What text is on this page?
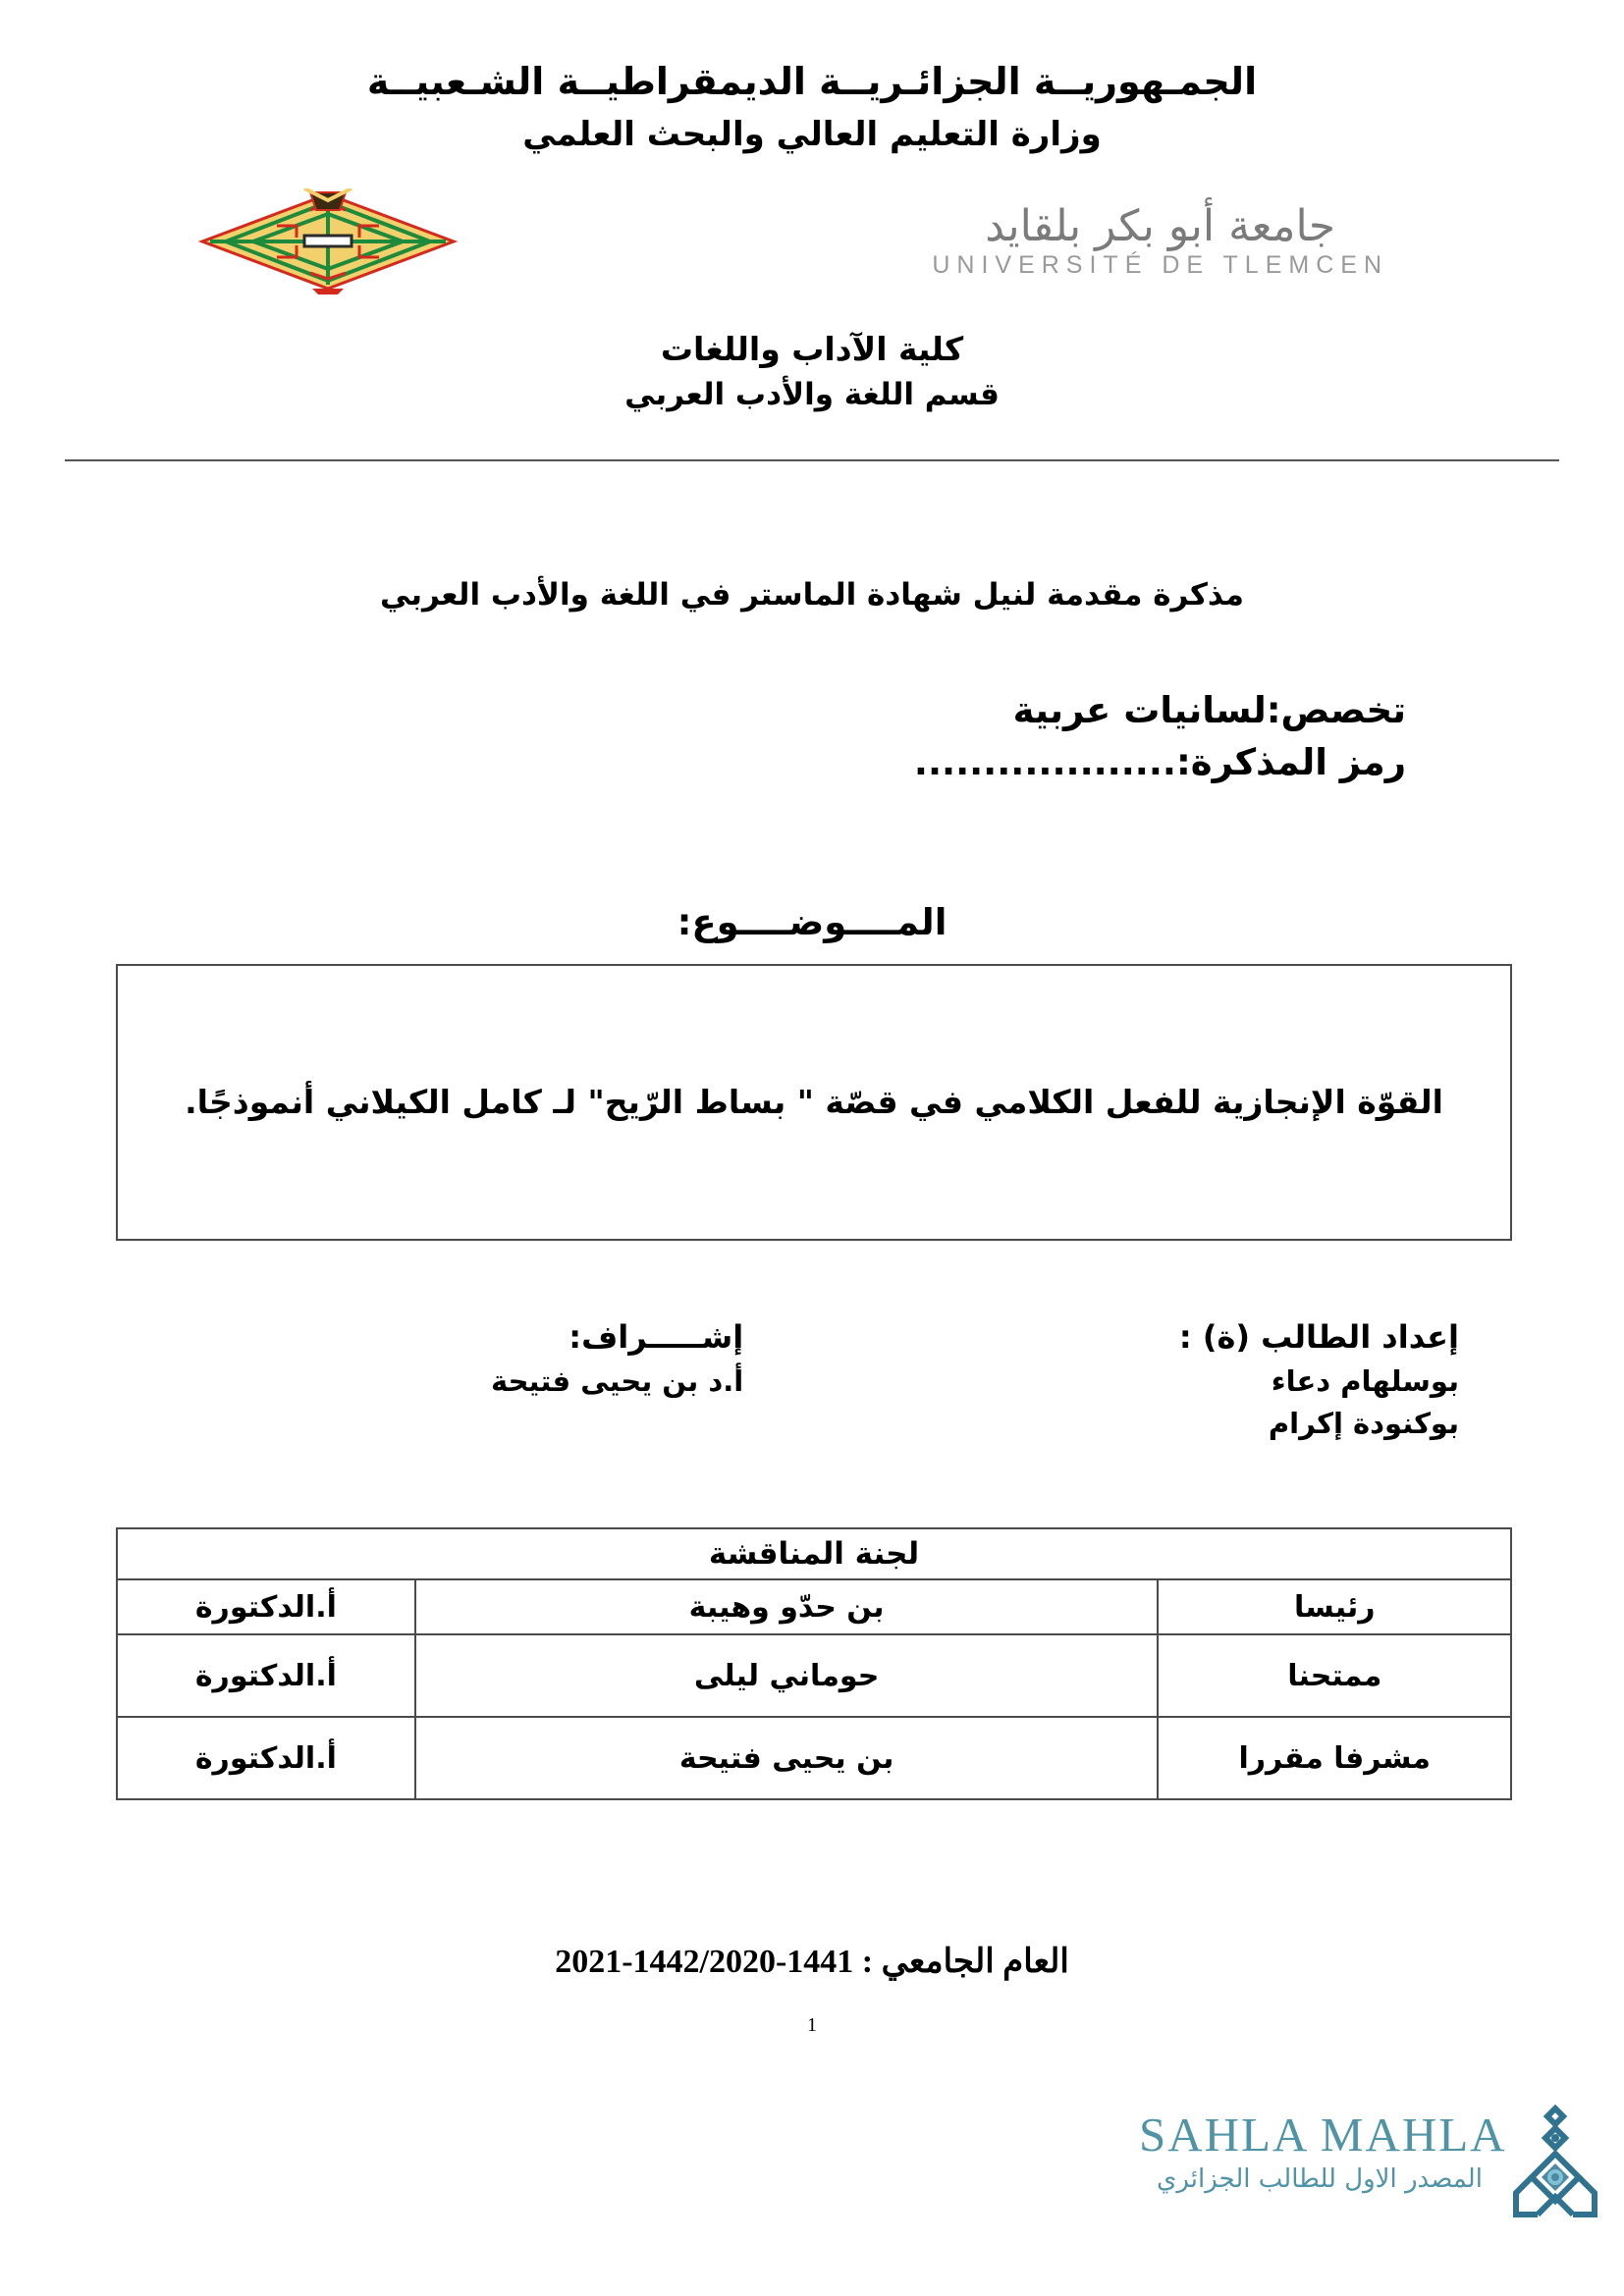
الجمـهوريــة الجزائـريــة الديمقراطيــة الشـعبيــة
وزارة التعليم العالي والبحث العلمي
جامعة أبو بكر بلقايد
UNIVERSITÉ DE TLEMCEN
كلية الآداب واللغات
قسم اللغة والأدب العربي
مذكرة مقدمة لنيل شهادة الماستر في اللغة والأدب العربي
تخصص:لسانيات عربية
رمز المذكرة:...................
المــــوضــــوع:
القوّة الإنجازية للفعل الكلامي في قصّة " بساط الرّيح" لـ كامل الكيلاني أنموذجًا.
إعداد الطالب (ة) :
بوسلهام دعاء
بوكنودة إكرام
إشـــــراف:
أ.د بن يحيى فتيحة
لجنة المناقشة		
رئيسا	بن حدّو وهيبة	أ.الدكتورة
ممتحنا	حوماني ليلى	أ.الدكتورة
مشرفا مقررا	بن يحيى فتيحة	أ.الدكتورة
العام الجامعي : 1441-1442/2020-2021
1
SAHLA MAHLA
المصدر الاول للطالب الجزائري
